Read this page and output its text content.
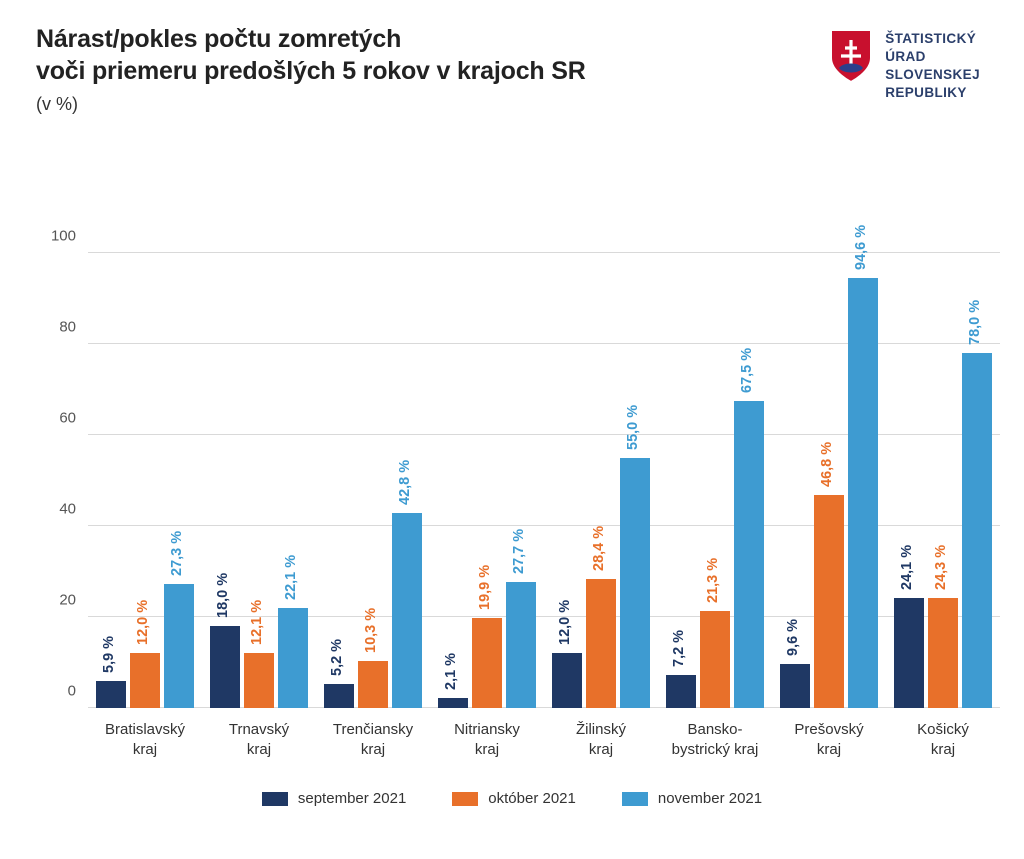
Nárast/pokles počtu zomretých
voči priemeru predošlých 5 rokov v krajoch SR
(v %)
ŠTATISTICKÝ
ÚRAD
SLOVENSKEJ
REPUBLIKY
0
20
40
60
80
100
5,9 %
12,0 %
27,3 %
Bratislavský
kraj
18,0 %
12,1 %
22,1 %
Trnavský
kraj
5,2 %
10,3 %
42,8 %
Trenčiansky
kraj
2,1 %
19,9 %
27,7 %
Nitriansky
kraj
12,0 %
28,4 %
55,0 %
Žilinský
kraj
7,2 %
21,3 %
67,5 %
Bansko-
bystrický kraj
9,6 %
46,8 %
94,6 %
Prešovský
kraj
24,1 % 24,3 %
78,0 %
Košický
kraj
september 2021	október 2021	november 2021
